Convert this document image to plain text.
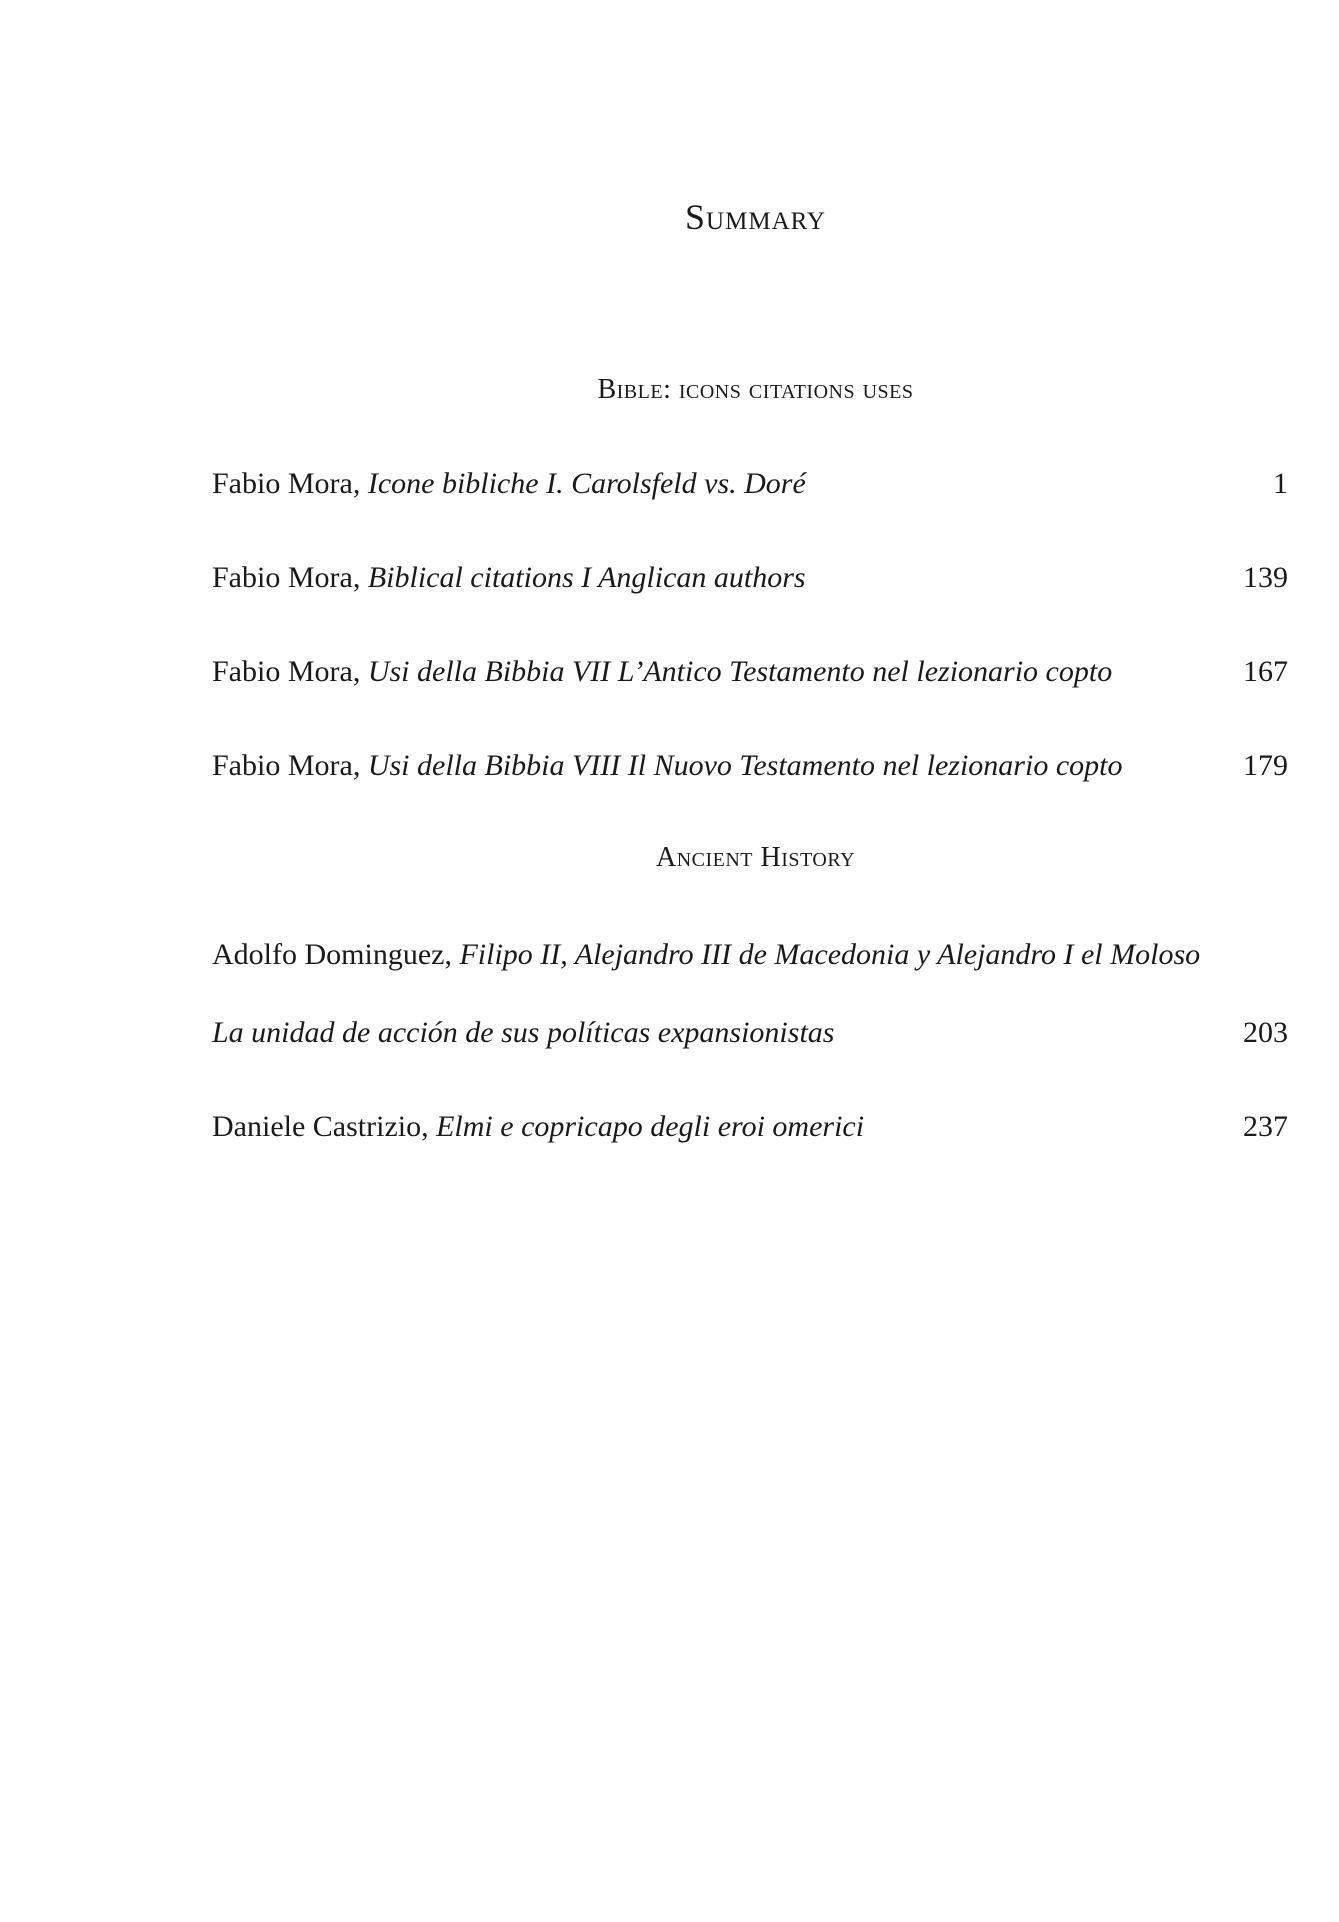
Summary
Bible: icons citations uses
Fabio Mora, Icone bibliche I. Carolsfeld vs. Doré	1
Fabio Mora, Biblical citations I Anglican authors	139
Fabio Mora, Usi della Bibbia VII L’Antico Testamento nel lezionario copto	167
Fabio Mora, Usi della Bibbia VIII Il Nuovo Testamento nel lezionario copto	179
Ancient History
Adolfo Dominguez, Filipo II, Alejandro III de Macedonia y Alejandro I el Moloso
La unidad de acción de sus políticas expansionistas	203
Daniele Castrizio, Elmi e copricapo degli eroi omerici	237
